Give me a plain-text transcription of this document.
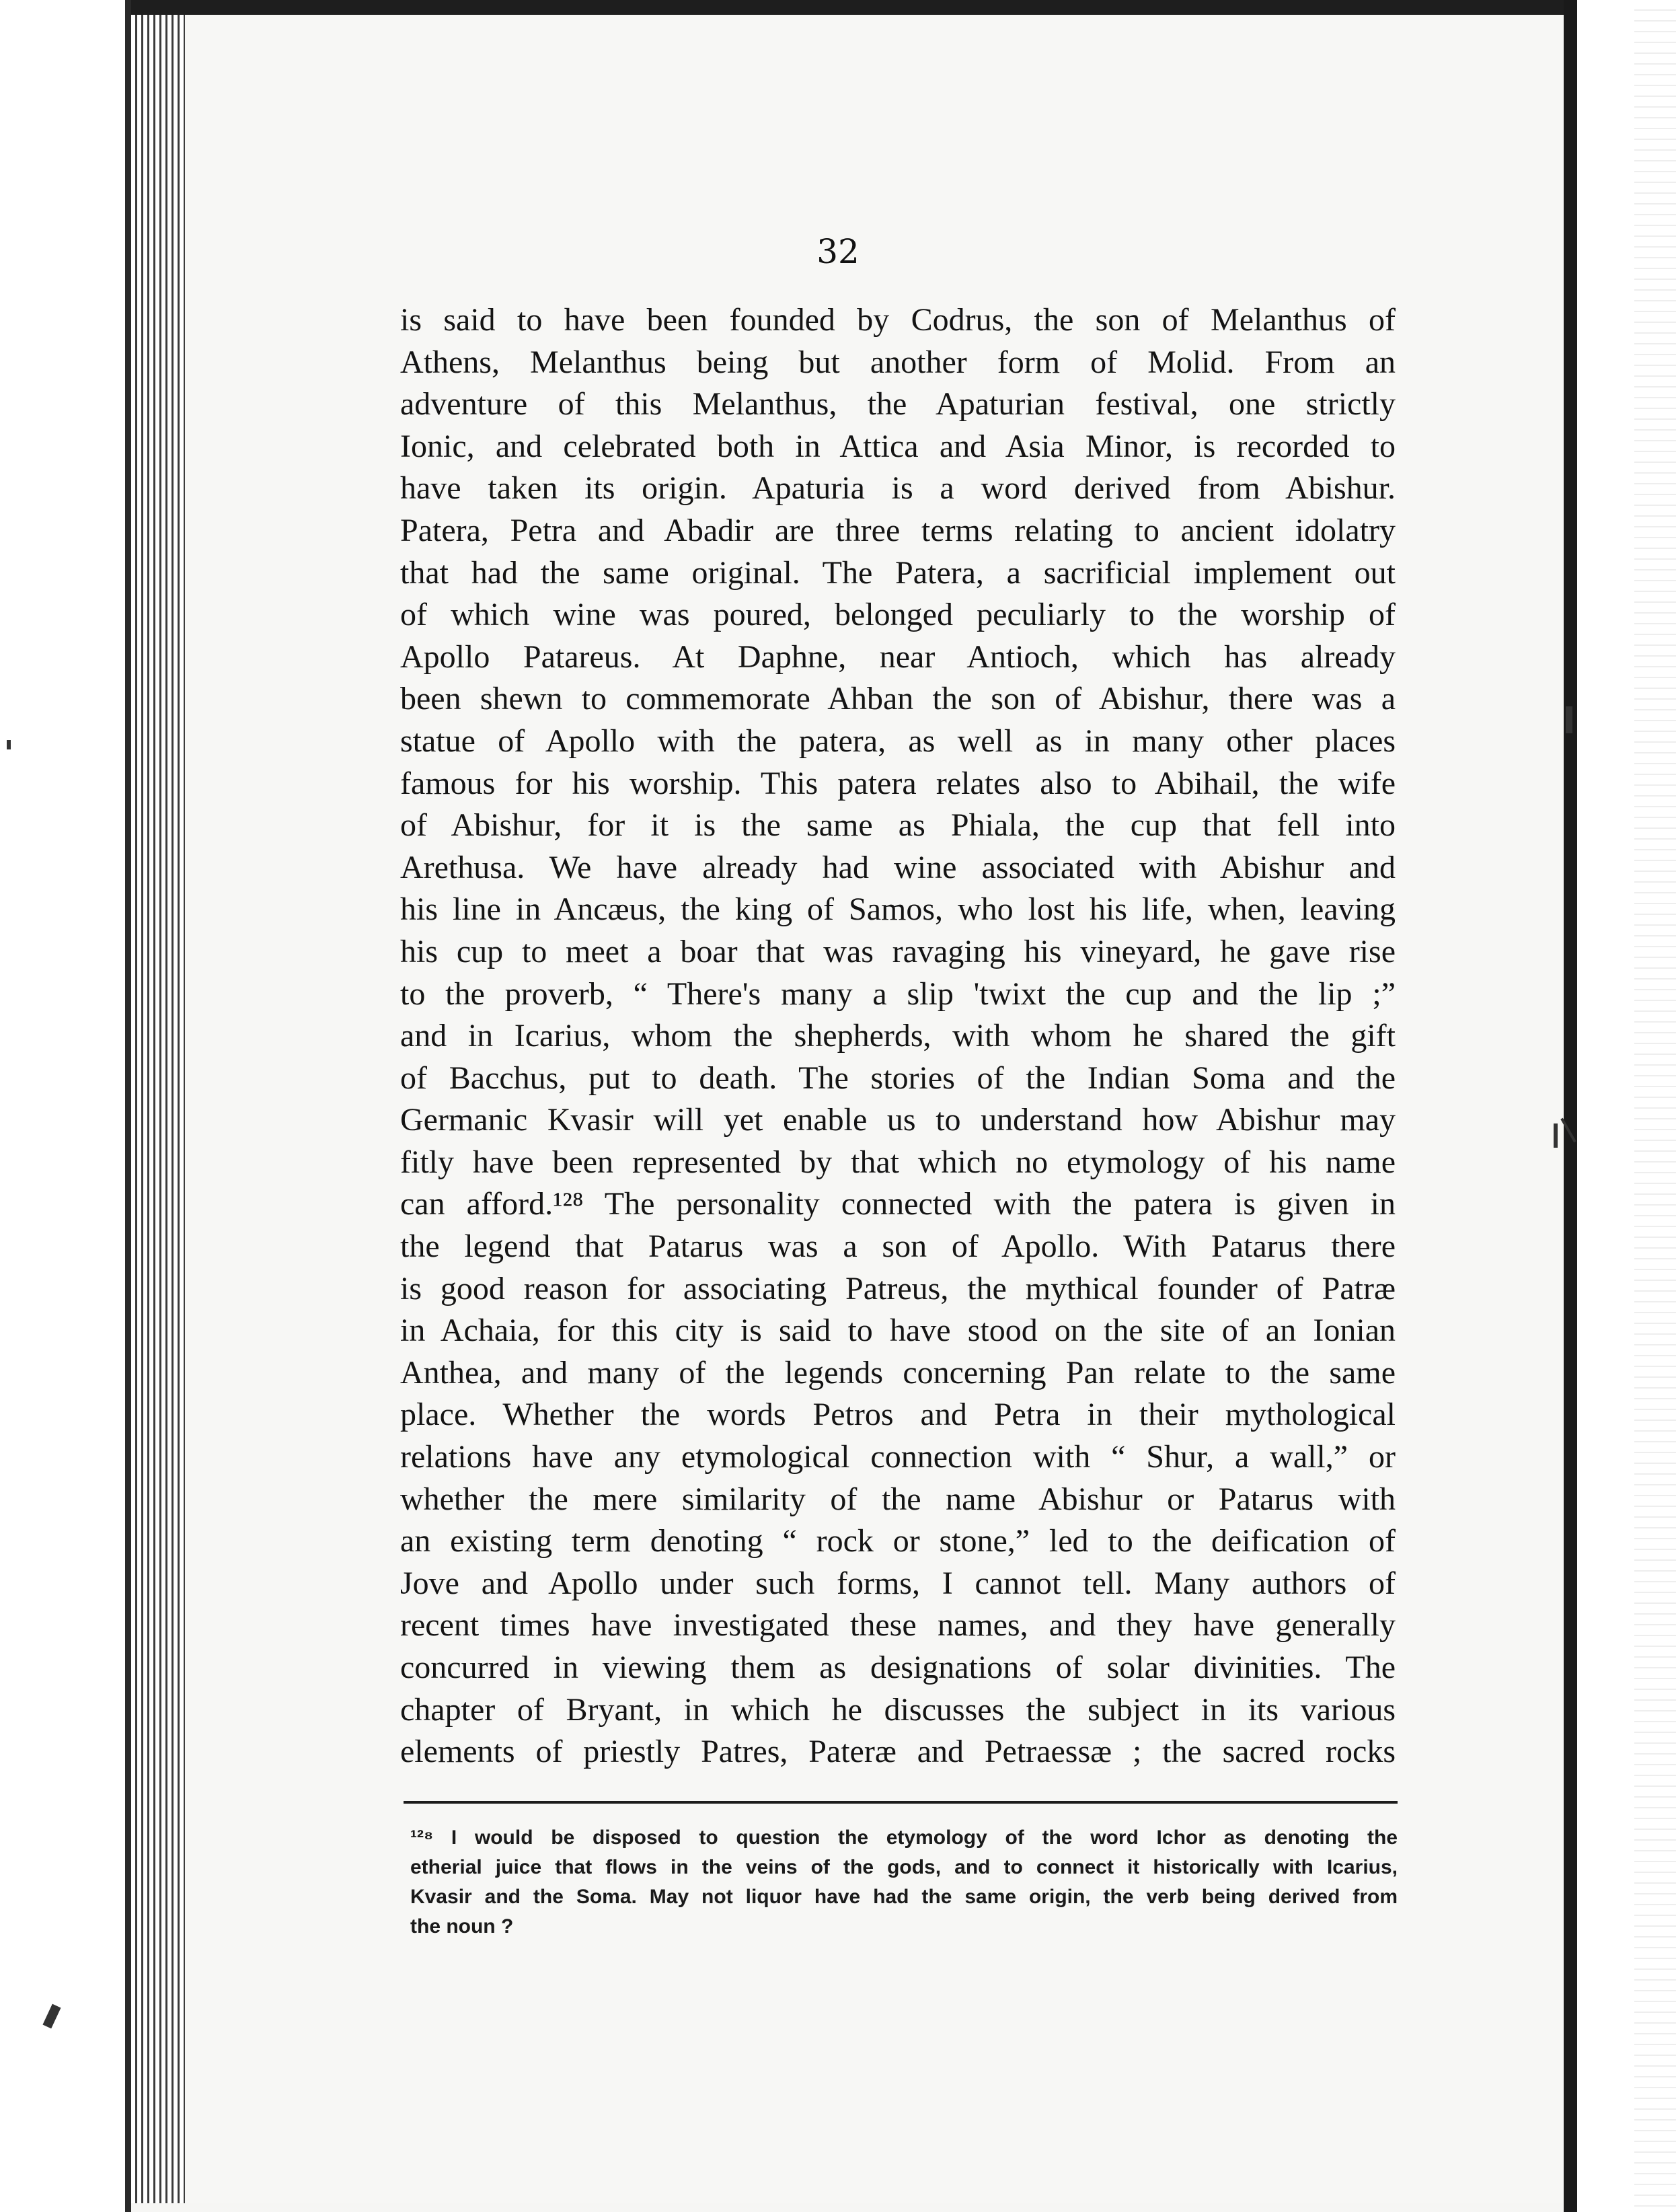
32
is said to have been founded by Codrus, the son of Melanthus of
Athens, Melanthus being but another form of Molid. From an
adventure of this Melanthus, the Apaturian festival, one strictly
Ionic, and celebrated both in Attica and Asia Minor, is recorded to
have taken its origin. Apaturia is a word derived from Abishur.
Patera, Petra and Abadir are three terms relating to ancient idolatry
that had the same original. The Patera, a sacrificial implement out
of which wine was poured, belonged peculiarly to the worship of
Apollo Patareus. At Daphne, near Antioch, which has already
been shewn to commemorate Ahban the son of Abishur, there was a
statue of Apollo with the patera, as well as in many other places
famous for his worship. This patera relates also to Abihail, the wife
of Abishur, for it is the same as Phiala, the cup that fell into
Arethusa. We have already had wine associated with Abishur and
his line in Ancæus, the king of Samos, who lost his life, when, leaving
his cup to meet a boar that was ravaging his vineyard, he gave rise
to the proverb, “ There's many a slip 'twixt the cup and the lip ;”
and in Icarius, whom the shepherds, with whom he shared the gift
of Bacchus, put to death. The stories of the Indian Soma and the
Germanic Kvasir will yet enable us to understand how Abishur may
fitly have been represented by that which no etymology of his name
can afford.¹²⁸ The personality connected with the patera is given in
the legend that Patarus was a son of Apollo. With Patarus there
is good reason for associating Patreus, the mythical founder of Patræ
in Achaia, for this city is said to have stood on the site of an Ionian
Anthea, and many of the legends concerning Pan relate to the same
place. Whether the words Petros and Petra in their mythological
relations have any etymological connection with “ Shur, a wall,” or
whether the mere similarity of the name Abishur or Patarus with
an existing term denoting “ rock or stone,” led to the deification of
Jove and Apollo under such forms, I cannot tell. Many authors of
recent times have investigated these names, and they have generally
concurred in viewing them as designations of solar divinities. The
chapter of Bryant, in which he discusses the subject in its various
elements of priestly Patres, Pateræ and Petraessæ ; the sacred rocks
¹²⁸ I would be disposed to question the etymology of the word Ichor as denoting the
etherial juice that flows in the veins of the gods, and to connect it historically with Icarius,
Kvasir and the Soma. May not liquor have had the same origin, the verb being derived from
the noun ?
